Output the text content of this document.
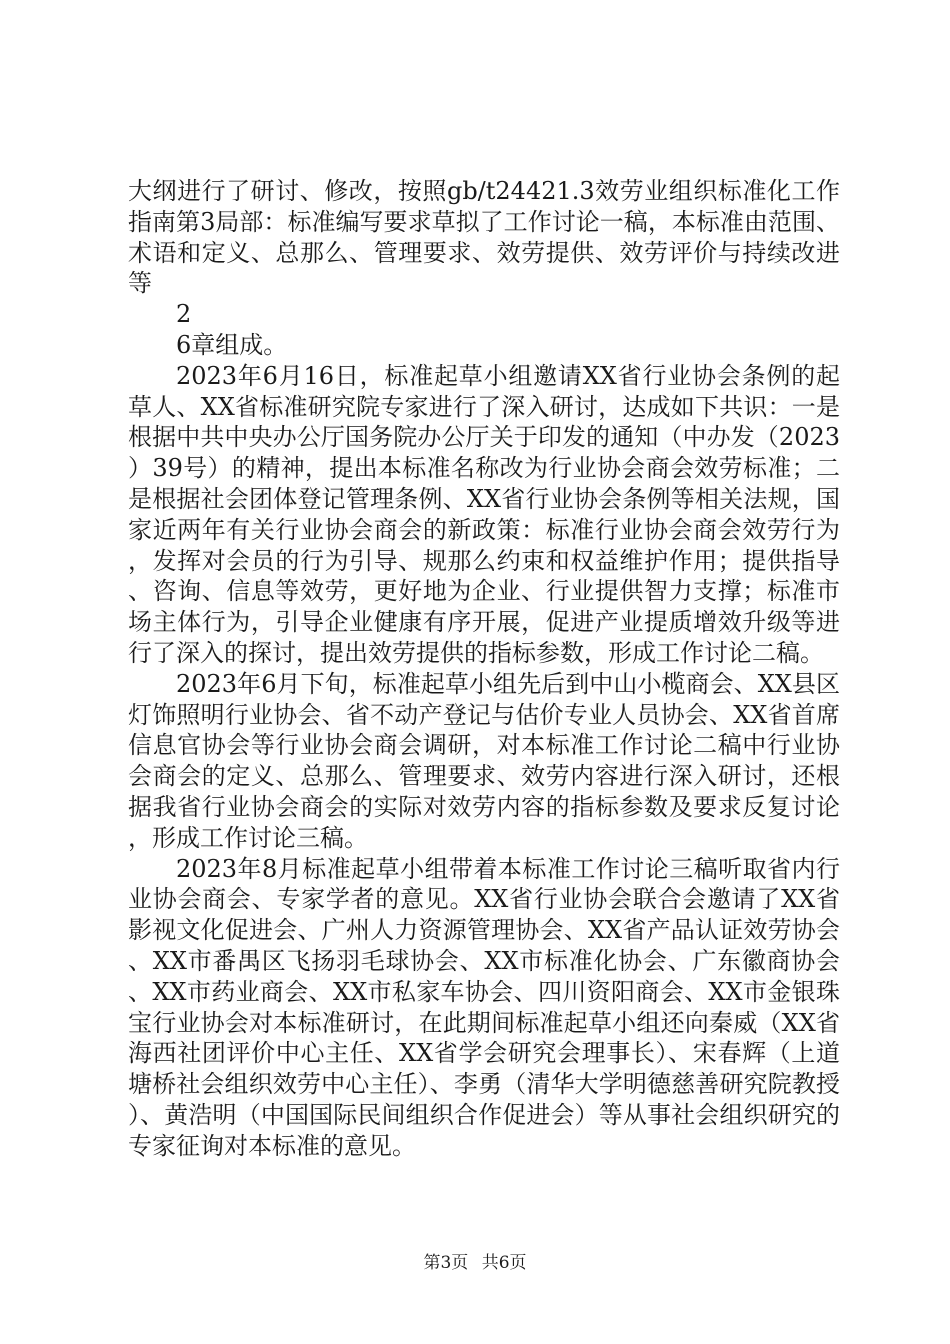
大纲进行了研讨、修改，按照gb/t24421.3效劳业组织标准化工作指南第3局部：标准编写要求草拟了工作讨论一稿，本标准由范围、术语和定义、总那么、管理要求、效劳提供、效劳评价与持续改进等

2

6章组成。

2023年6月16日，标准起草小组邀请XX省行业协会条例的起草人、XX省标准研究院专家进行了深入研讨，达成如下共识：一是根据中共中央办公厅国务院办公厅关于印发的通知（中办发（2023）39号）的精神，提出本标准名称改为行业协会商会效劳标准；二是根据社会团体登记管理条例、XX省行业协会条例等相关法规，国家近两年有关行业协会商会的新政策：标准行业协会商会效劳行为，发挥对会员的行为引导、规那么约束和权益维护作用；提供指导、咨询、信息等效劳，更好地为企业、行业提供智力支撑；标准市场主体行为，引导企业健康有序开展，促进产业提质增效升级等进行了深入的探讨，提出效劳提供的指标参数，形成工作讨论二稿。

2023年6月下旬，标准起草小组先后到中山小榄商会、XX县区灯饰照明行业协会、省不动产登记与估价专业人员协会、XX省首席信息官协会等行业协会商会调研，对本标准工作讨论二稿中行业协会商会的定义、总那么、管理要求、效劳内容进行深入研讨，还根据我省行业协会商会的实际对效劳内容的指标参数及要求反复讨论，形成工作讨论三稿。

2023年8月标准起草小组带着本标准工作讨论三稿听取省内行业协会商会、专家学者的意见。XX省行业协会联合会邀请了XX省影视文化促进会、广州人力资源管理协会、XX省产品认证效劳协会、XX市番禺区飞扬羽毛球协会、XX市标准化协会、广东徽商协会、XX市药业商会、XX市私家车协会、四川资阳商会、XX市金银珠宝行业协会对本标准研讨，在此期间标准起草小组还向秦威（XX省海西社团评价中心主任、XX省学会研究会理事长）、宋春辉（上道塘桥社会组织效劳中心主任）、李勇（清华大学明德慈善研究院教授）、黄浩明（中国国际民间组织合作促进会）等从事社会组织研究的专家征询对本标准的意见。

第3页 共6页
